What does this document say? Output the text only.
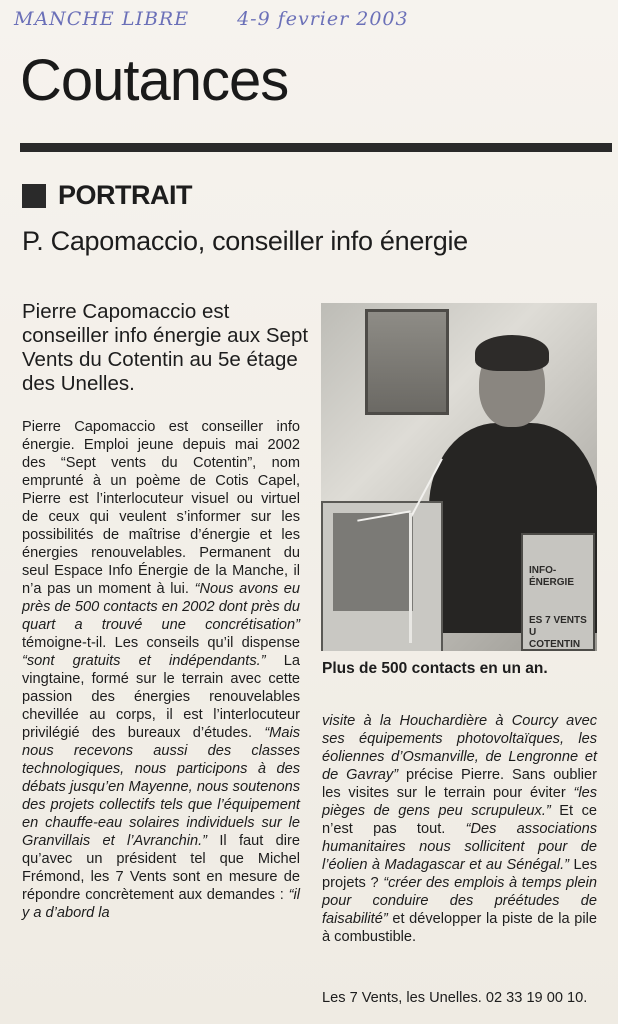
MANCHE LIBRE	4-9 fevrier 2003
Coutances
PORTRAIT
P. Capomaccio, conseiller info énergie
Pierre Capomaccio est conseiller info énergie aux Sept Vents du Cotentin au 5e étage des Unelles.

Pierre Capomaccio est conseiller info énergie. Emploi jeune depuis mai 2002 des “Sept vents du Cotentin”, nom emprunté à un poème de Cotis Capel, Pierre est l’interlocuteur visuel ou virtuel de ceux qui veulent s’informer sur les possibilités de maîtrise d’énergie et les énergies renouvelables. Permanent du seul Espace Info Énergie de la Manche, il n’a pas un moment à lui. “Nous avons eu près de 500 contacts en 2002 dont près du quart a trouvé une concrétisation” témoigne-t-il. Les conseils qu’il dispense “sont gratuits et indépendants.” La vingtaine, formé sur le terrain avec cette passion des énergies renouvelables chevillée au corps, il est l’interlocuteur privilégié des bureaux d’études. “Mais nous recevons aussi des classes technologiques, nous participons à des débats jusqu’en Mayenne, nous soutenons des projets collectifs tels que l’équipement en chauffe-eau solaires individuels sur le Granvillais et l’Avranchin.” Il faut dire qu’avec un président tel que Michel Frémond, les 7 Vents sont en mesure de répondre concrètement aux demandes : “il y a d’abord la

INFO-ÉNERGIE
ES 7 VENTS
U COTENTIN
Plus de 500 contacts en un an.

visite à la Houchardière à Courcy avec ses équipements photovoltaïques, les éoliennes d’Osmanville, de Lengronne et de Gavray” précise Pierre. Sans oublier les visites sur le terrain pour éviter “les pièges de gens peu scrupuleux.” Et ce n’est pas tout. “Des associations humanitaires nous sollicitent pour de l’éolien à Madagascar et au Sénégal.” Les projets ? “créer des emplois à temps plein pour conduire des préétudes de faisabilité” et développer la piste de la pile à combustible.

Les 7 Vents, les Unelles. 02 33 19 00 10.
